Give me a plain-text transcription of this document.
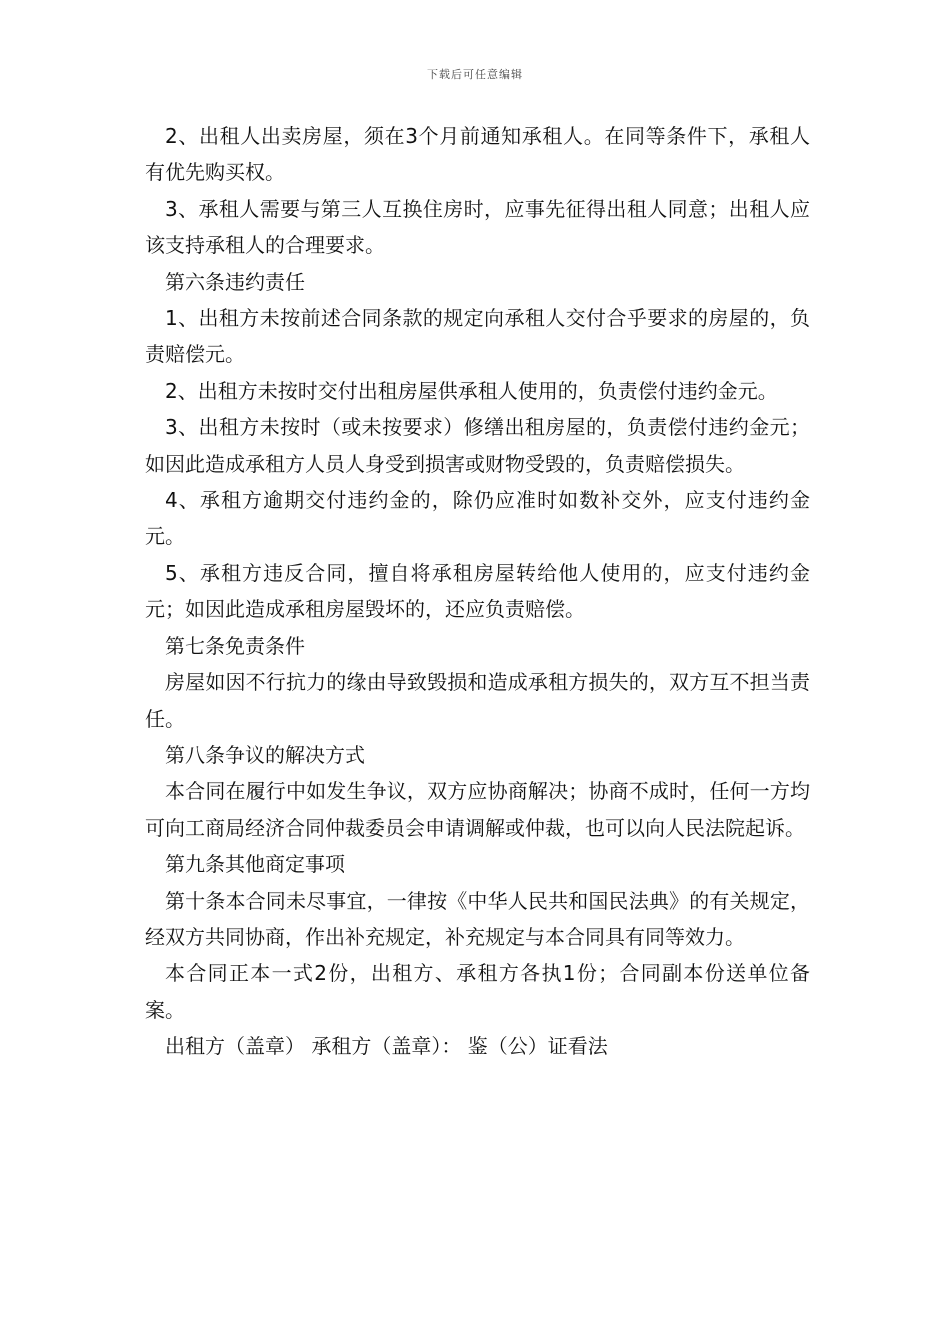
下载后可任意编辑

2、出租人出卖房屋，须在3个月前通知承租人。在同等条件下，承租人有优先购买权。

3、承租人需要与第三人互换住房时，应事先征得出租人同意；出租人应该支持承租人的合理要求。

第六条违约责任

1、出租方未按前述合同条款的规定向承租人交付合乎要求的房屋的，负责赔偿元。

2、出租方未按时交付出租房屋供承租人使用的，负责偿付违约金元。

3、出租方未按时（或未按要求）修缮出租房屋的，负责偿付违约金元；如因此造成承租方人员人身受到损害或财物受毁的，负责赔偿损失。

4、承租方逾期交付违约金的，除仍应准时如数补交外，应支付违约金元。

5、承租方违反合同，擅自将承租房屋转给他人使用的，应支付违约金元；如因此造成承租房屋毁坏的，还应负责赔偿。

第七条免责条件

房屋如因不行抗力的缘由导致毁损和造成承租方损失的，双方互不担当责任。

第八条争议的解决方式

本合同在履行中如发生争议，双方应协商解决；协商不成时，任何一方均可向工商局经济合同仲裁委员会申请调解或仲裁，也可以向人民法院起诉。

第九条其他商定事项

第十条本合同未尽事宜，一律按《中华人民共和国民法典》的有关规定，经双方共同协商，作出补充规定，补充规定与本合同具有同等效力。

本合同正本一式2份，出租方、承租方各执1份；合同副本份送单位备案。

出租方（盖章） 承租方（盖章）： 鉴（公）证看法
